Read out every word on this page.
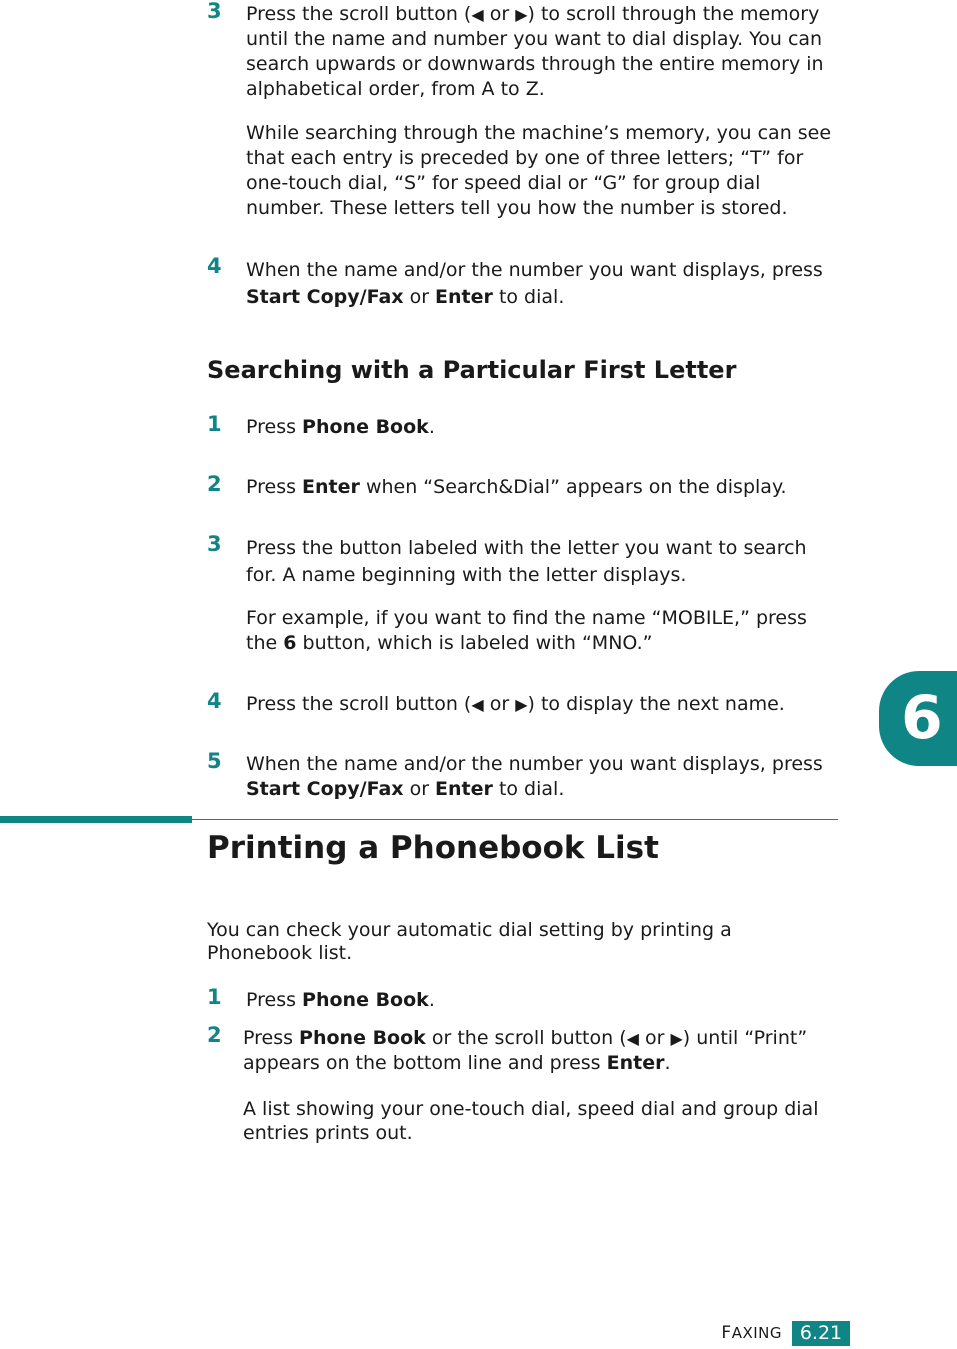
3 Press the scroll button (◀ or ▶) to scroll through the memory until the name and number you want to dial display. You can search upwards or downwards through the entire memory in alphabetical order, from A to Z.

While searching through the machine’s memory, you can see that each entry is preceded by one of three letters; “T” for one-touch dial, “S” for speed dial or “G” for group dial number. These letters tell you how the number is stored.

4 When the name and/or the number you want displays, press Start Copy/Fax or Enter to dial.

Searching with a Particular First Letter
1 Press Phone Book.

2 Press Enter when “Search&Dial” appears on the display.

3 Press the button labeled with the letter you want to search for. A name beginning with the letter displays.

For example, if you want to find the name “MOBILE,” press the 6 button, which is labeled with “MNO.”

4 Press the scroll button (◀ or ▶) to display the next name.

5 When the name and/or the number you want displays, press Start Copy/Fax or Enter to dial.

6
Printing a Phonebook List
You can check your automatic dial setting by printing a Phonebook list.
1 Press Phone Book.

2 Press Phone Book or the scroll button (◀ or ▶) until “Print” appears on the bottom line and press Enter.

A list showing your one-touch dial, speed dial and group dial entries prints out.

FAXING 6.21
